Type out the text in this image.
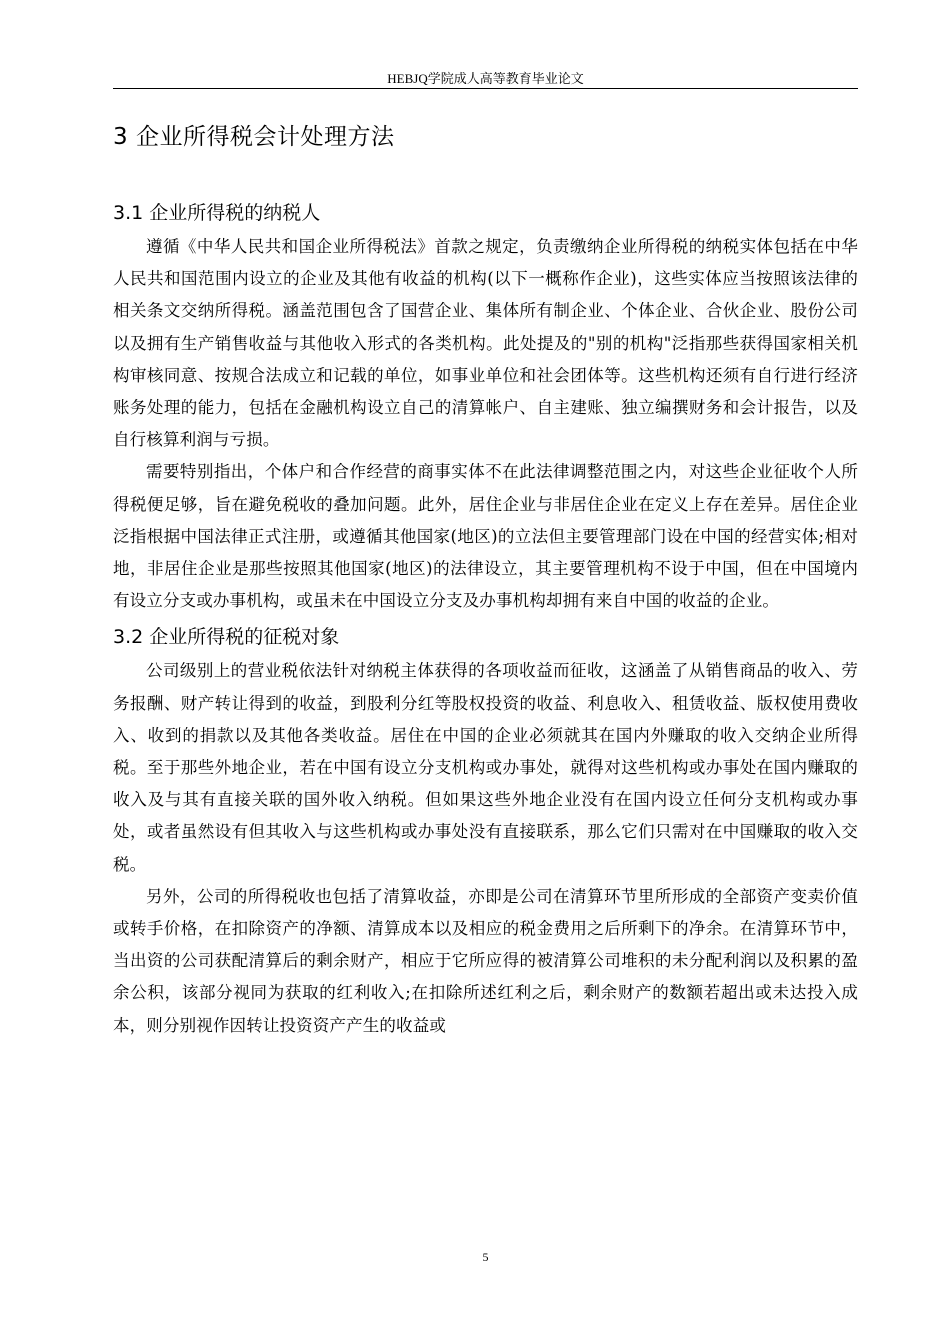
HEBJQ学院成人高等教育毕业论文
3 企业所得税会计处理方法
3.1 企业所得税的纳税人

遵循《中华人民共和国企业所得税法》首款之规定，负责缴纳企业所得税的纳税实体包括在中华人民共和国范围内设立的企业及其他有收益的机构(以下一概称作企业)，这些实体应当按照该法律的相关条文交纳所得税。涵盖范围包含了国营企业、集体所有制企业、个体企业、合伙企业、股份公司以及拥有生产销售收益与其他收入形式的各类机构。此处提及的"别的机构"泛指那些获得国家相关机构审核同意、按规合法成立和记载的单位，如事业单位和社会团体等。这些机构还须有自行进行经济账务处理的能力，包括在金融机构设立自己的清算帐户、自主建账、独立编撰财务和会计报告，以及自行核算利润与亏损。

需要特别指出，个体户和合作经营的商事实体不在此法律调整范围之内，对这些企业征收个人所得税便足够，旨在避免税收的叠加问题。此外，居住企业与非居住企业在定义上存在差异。居住企业泛指根据中国法律正式注册，或遵循其他国家(地区)的立法但主要管理部门设在中国的经营实体;相对地，非居住企业是那些按照其他国家(地区)的法律设立，其主要管理机构不设于中国，但在中国境内有设立分支或办事机构，或虽未在中国设立分支及办事机构却拥有来自中国的收益的企业。

3.2 企业所得税的征税对象

公司级别上的营业税依法针对纳税主体获得的各项收益而征收，这涵盖了从销售商品的收入、劳务报酬、财产转让得到的收益，到股利分红等股权投资的收益、利息收入、租赁收益、版权使用费收入、收到的捐款以及其他各类收益。居住在中国的企业必须就其在国内外赚取的收入交纳企业所得税。至于那些外地企业，若在中国有设立分支机构或办事处，就得对这些机构或办事处在国内赚取的收入及与其有直接关联的国外收入纳税。但如果这些外地企业没有在国内设立任何分支机构或办事处，或者虽然设有但其收入与这些机构或办事处没有直接联系，那么它们只需对在中国赚取的收入交税。

另外，公司的所得税收也包括了清算收益，亦即是公司在清算环节里所形成的全部资产变卖价值或转手价格，在扣除资产的净额、清算成本以及相应的税金费用之后所剩下的净余。在清算环节中，当出资的公司获配清算后的剩余财产，相应于它所应得的被清算公司堆积的未分配利润以及积累的盈余公积，该部分视同为获取的红利收入;在扣除所述红利之后，剩余财产的数额若超出或未达投入成本，则分别视作因转让投资资产产生的收益或

5
